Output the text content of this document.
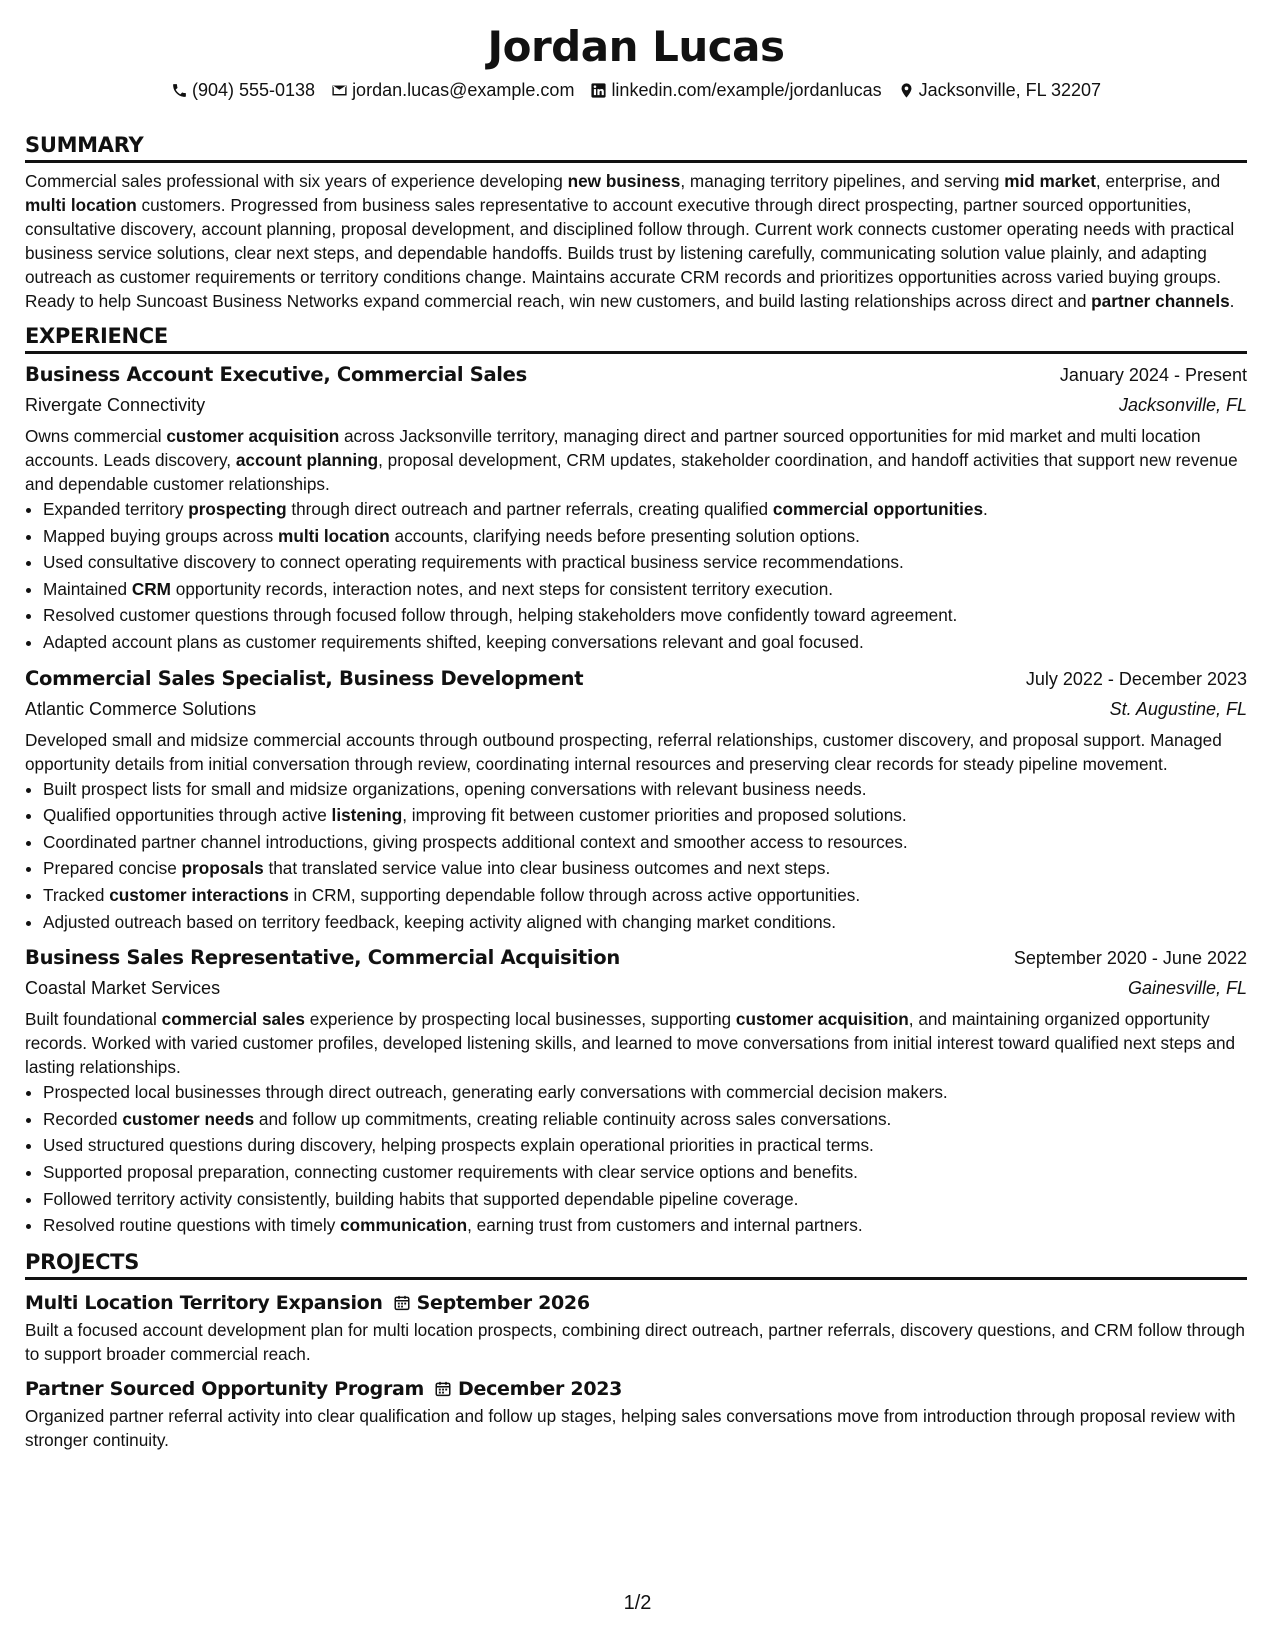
Jordan Lucas
(904) 555-0138 jordan.lucas@example.com linkedin.com/example/jordanlucas Jacksonville, FL 32207
SUMMARY

Commercial sales professional with six years of experience developing new business, managing territory pipelines, and serving mid market, enterprise, and multi location customers. Progressed from business sales representative to account executive through direct prospecting, partner sourced opportunities, consultative discovery, account planning, proposal development, and disciplined follow through. Current work connects customer operating needs with practical business service solutions, clear next steps, and dependable handoffs. Builds trust by listening carefully, communicating solution value plainly, and adapting outreach as customer requirements or territory conditions change. Maintains accurate CRM records and prioritizes opportunities across varied buying groups. Ready to help Suncoast Business Networks expand commercial reach, win new customers, and build lasting relationships across direct and partner channels.

EXPERIENCE
Business Account Executive, Commercial Sales	January 2024 - Present
Rivergate Connectivity	Jacksonville, FL

Owns commercial customer acquisition across Jacksonville territory, managing direct and partner sourced opportunities for mid market and multi location accounts. Leads discovery, account planning, proposal development, CRM updates, stakeholder coordination, and handoff activities that support new revenue and dependable customer relationships.

• Expanded territory prospecting through direct outreach and partner referrals, creating qualified commercial opportunities.
• Mapped buying groups across multi location accounts, clarifying needs before presenting solution options.
• Used consultative discovery to connect operating requirements with practical business service recommendations.
• Maintained CRM opportunity records, interaction notes, and next steps for consistent territory execution.
• Resolved customer questions through focused follow through, helping stakeholders move confidently toward agreement.
• Adapted account plans as customer requirements shifted, keeping conversations relevant and goal focused.
Commercial Sales Specialist, Business Development	July 2022 - December 2023
Atlantic Commerce Solutions	St. Augustine, FL

Developed small and midsize commercial accounts through outbound prospecting, referral relationships, customer discovery, and proposal support. Managed opportunity details from initial conversation through review, coordinating internal resources and preserving clear records for steady pipeline movement.

• Built prospect lists for small and midsize organizations, opening conversations with relevant business needs.
• Qualified opportunities through active listening, improving fit between customer priorities and proposed solutions.
• Coordinated partner channel introductions, giving prospects additional context and smoother access to resources.
• Prepared concise proposals that translated service value into clear business outcomes and next steps.
• Tracked customer interactions in CRM, supporting dependable follow through across active opportunities.
• Adjusted outreach based on territory feedback, keeping activity aligned with changing market conditions.
Business Sales Representative, Commercial Acquisition	September 2020 - June 2022
Coastal Market Services	Gainesville, FL

Built foundational commercial sales experience by prospecting local businesses, supporting customer acquisition, and maintaining organized opportunity records. Worked with varied customer profiles, developed listening skills, and learned to move conversations from initial interest toward qualified next steps and lasting relationships.

• Prospected local businesses through direct outreach, generating early conversations with commercial decision makers.
• Recorded customer needs and follow up commitments, creating reliable continuity across sales conversations.
• Used structured questions during discovery, helping prospects explain operational priorities in practical terms.
• Supported proposal preparation, connecting customer requirements with clear service options and benefits.
• Followed territory activity consistently, building habits that supported dependable pipeline coverage.
• Resolved routine questions with timely communication, earning trust from customers and internal partners.
PROJECTS
Multi Location Territory Expansion September 2026

Built a focused account development plan for multi location prospects, combining direct outreach, partner referrals, discovery questions, and CRM follow through to support broader commercial reach.

Partner Sourced Opportunity Program December 2023

Organized partner referral activity into clear qualification and follow up stages, helping sales conversations move from introduction through proposal review with stronger continuity.

1/2
